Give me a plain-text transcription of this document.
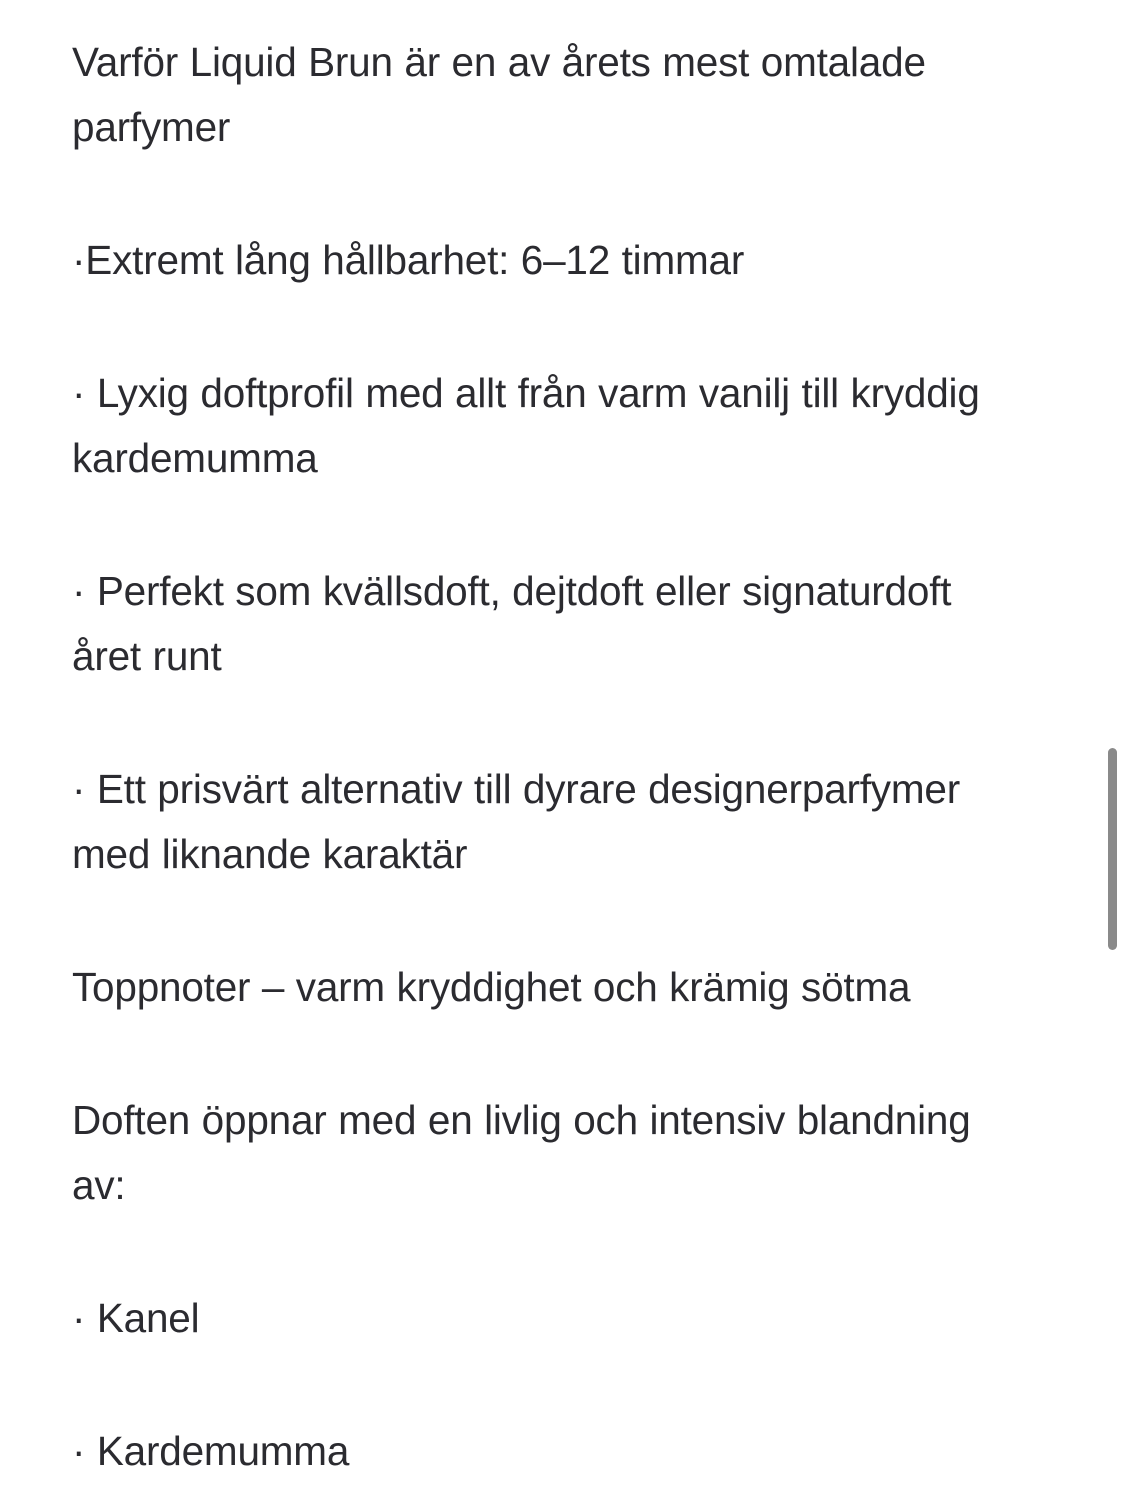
Varför Liquid Brun är en av årets mest omtalade parfymer

·Extremt lång hållbarhet: 6–12 timmar

· Lyxig doftprofil med allt från varm vanilj till kryddig kardemumma

· Perfekt som kvällsdoft, dejtdoft eller signaturdoft året runt

· Ett prisvärt alternativ till dyrare designerparfymer med liknande karaktär

Toppnoter – varm kryddighet och krämig sötma

Doften öppnar med en livlig och intensiv blandning av:

· Kanel

· Kardemumma
